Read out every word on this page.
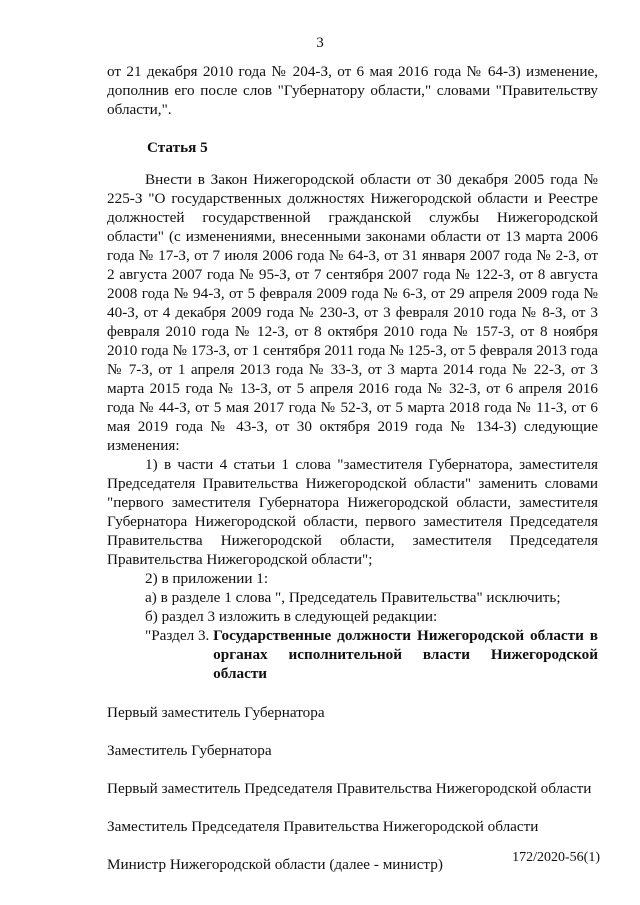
3

от 21 декабря 2010 года № 204-З, от 6 мая 2016 года № 64-З) изменение, дополнив его после слов "Губернатору области," словами "Правительству области,".

Статья 5

Внести в Закон Нижегородской области от 30 декабря 2005 года № 225-З "О государственных должностях Нижегородской области и Реестре должностей государственной гражданской службы Нижегородской области" (с изменениями, внесенными законами области от 13 марта 2006 года № 17-З, от 7 июля 2006 года № 64-З, от 31 января 2007 года № 2-З, от 2 августа 2007 года № 95-З, от 7 сентября 2007 года № 122-З, от 8 августа 2008 года № 94-З, от 5 февраля 2009 года № 6-З, от 29 апреля 2009 года № 40-З, от 4 декабря 2009 года № 230-З, от 3 февраля 2010 года № 8-З, от 3 февраля 2010 года № 12-З, от 8 октября 2010 года № 157-З, от 8 ноября 2010 года № 173-З, от 1 сентября 2011 года № 125-З, от 5 февраля 2013 года № 7-З, от 1 апреля 2013 года № 33-З, от 3 марта 2014 года № 22-З, от 3 марта 2015 года № 13-З, от 5 апреля 2016 года № 32-З, от 6 апреля 2016 года № 44-З, от 5 мая 2017 года № 52-З, от 5 марта 2018 года № 11-З, от 6 мая 2019 года № 43-З, от 30 октября 2019 года № 134-З) следующие изменения:

1) в части 4 статьи 1 слова "заместителя Губернатора, заместителя Председателя Правительства Нижегородской области" заменить словами "первого заместителя Губернатора Нижегородской области, заместителя Губернатора Нижегородской области, первого заместителя Председателя Правительства Нижегородской области, заместителя Председателя Правительства Нижегородской области";

2) в приложении 1:

а) в разделе 1 слова ", Председатель Правительства" исключить;

б) раздел 3 изложить в следующей редакции:

"Раздел 3.
Государственные должности Нижегородской области в органах исполнительной власти Нижегородской области

Первый заместитель Губернатора

Заместитель Губернатора

Первый заместитель Председателя Правительства Нижегородской области

Заместитель Председателя Правительства Нижегородской области

Министр Нижегородской области (далее - министр)	172/2020-56(1)
